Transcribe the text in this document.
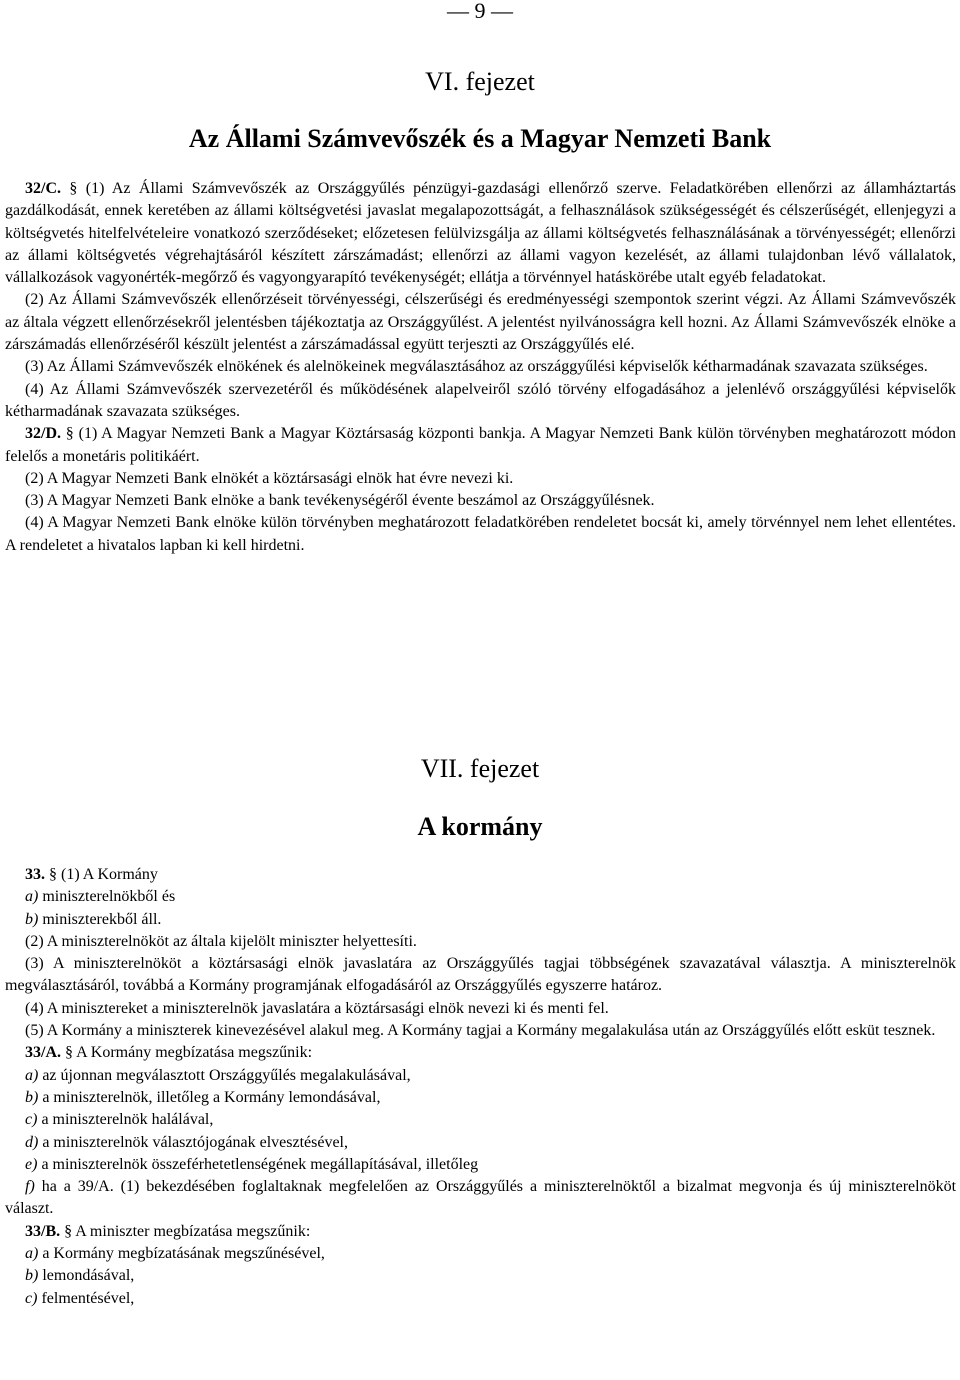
— 9 —
VI. fejezet
Az Állami Számvevőszék és a Magyar Nemzeti Bank

32/C. § (1) Az Állami Számvevőszék az Országgyűlés pénzügyi-gazdasági ellenőrző szerve. Feladatkörében ellenőrzi az államháztartás gazdálkodását, ennek keretében az állami költségvetési javaslat megalapozottságát, a felhasználások szükségességét és célszerűségét, ellenjegyzi a költségvetés hitelfelvételeire vonatkozó szerződéseket; előzetesen felülvizsgálja az állami költségvetés felhasználásának a törvényességét; ellenőrzi az állami költségvetés végrehajtásáról készített zárszámadást; ellenőrzi az állami vagyon kezelését, az állami tulajdonban lévő vállalatok, vállalkozások vagyonérték-megőrző és vagyongyarapító tevékenységét; ellátja a törvénnyel hatáskörébe utalt egyéb feladatokat.

(2) Az Állami Számvevőszék ellenőrzéseit törvényességi, célszerűségi és eredményességi szempontok szerint végzi. Az Állami Számvevőszék az általa végzett ellenőrzésekről jelentésben tájékoztatja az Országgyűlést. A jelentést nyilvánosságra kell hozni. Az Állami Számvevőszék elnöke a zárszámadás ellenőrzéséről készült jelentést a zárszámadással együtt terjeszti az Országgyűlés elé.

(3) Az Állami Számvevőszék elnökének és alelnökeinek megválasztásához az országgyűlési képviselők kétharmadának szavazata szükséges.

(4) Az Állami Számvevőszék szervezetéről és működésének alapelveiről szóló törvény elfogadásához a jelenlévő országgyűlési képviselők kétharmadának szavazata szükséges.

32/D. § (1) A Magyar Nemzeti Bank a Magyar Köztársaság központi bankja. A Magyar Nemzeti Bank külön törvényben meghatározott módon felelős a monetáris politikáért.

(2) A Magyar Nemzeti Bank elnökét a köztársasági elnök hat évre nevezi ki.

(3) A Magyar Nemzeti Bank elnöke a bank tevékenységéről évente beszámol az Országgyűlésnek.

(4) A Magyar Nemzeti Bank elnöke külön törvényben meghatározott feladatkörében rendeletet bocsát ki, amely törvénnyel nem lehet ellentétes. A rendeletet a hivatalos lapban ki kell hirdetni.

VII. fejezet
A kormány

33. § (1) A Kormány

a) miniszterelnökből és

b) miniszterekből áll.

(2) A miniszterelnököt az általa kijelölt miniszter helyettesíti.

(3) A miniszterelnököt a köztársasági elnök javaslatára az Országgyűlés tagjai többségének szavazatával választja. A miniszterelnök megválasztásáról, továbbá a Kormány programjának elfogadásáról az Országgyűlés egyszerre határoz.

(4) A minisztereket a miniszterelnök javaslatára a köztársasági elnök nevezi ki és menti fel.

(5) A Kormány a miniszterek kinevezésével alakul meg. A Kormány tagjai a Kormány megalakulása után az Országgyűlés előtt esküt tesznek.

33/A. § A Kormány megbízatása megszűnik:

a) az újonnan megválasztott Országgyűlés megalakulásával,

b) a miniszterelnök, illetőleg a Kormány lemondásával,

c) a miniszterelnök halálával,

d) a miniszterelnök választójogának elvesztésével,

e) a miniszterelnök összeférhetetlenségének megállapításával, illetőleg

f) ha a 39/A. (1) bekezdésében foglaltaknak megfelelően az Országgyűlés a miniszterelnöktől a bizalmat megvonja és új miniszterelnököt választ.

33/B. § A miniszter megbízatása megszűnik:

a) a Kormány megbízatásának megszűnésével,

b) lemondásával,

c) felmentésével,
